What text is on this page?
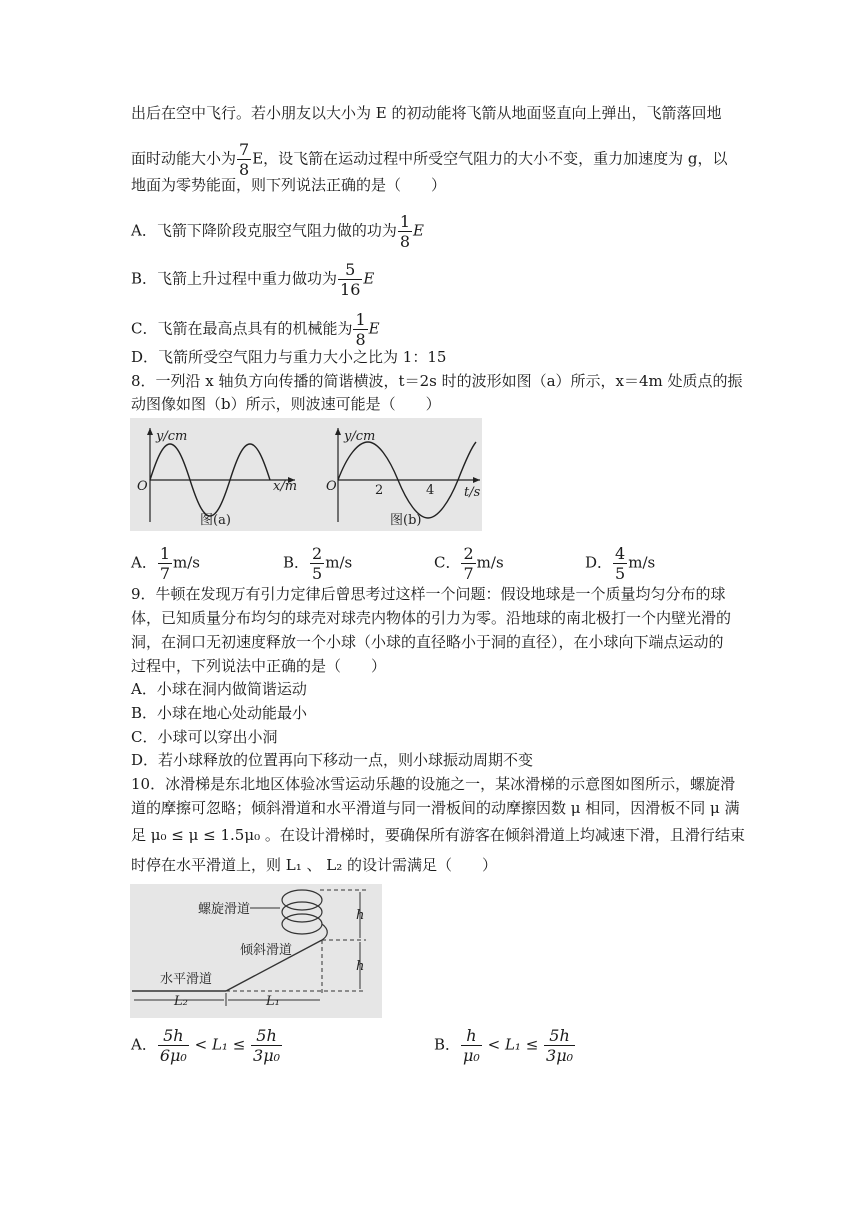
出后在空中飞行。若小朋友以大小为 E 的初动能将飞箭从地面竖直向上弹出，飞箭落回地
面时动能大小为 $\frac{7}{8}$ E，设飞箭在运动过程中所受空气阻力的大小不变，重力加速度为 g，以
地面为零势能面，则下列说法正确的是（　　）
A．飞箭下降阶段克服空气阻力做的功为 $\frac{1}{8}$ E
B．飞箭上升过程中重力做功为 $\frac{5}{16}$ E
C．飞箭在最高点具有的机械能为 $\frac{1}{8}$ E
D．飞箭所受空气阻力与重力大小之比为 1：15
8．一列沿 x 轴负方向传播的简谐横波，t＝2s 时的波形如图（a）所示，x＝4m 处质点的振
动图像如图（b）所示，则波速可能是（　　）
y/cm
x/m
O
图(a)
y/cm
t/s
O	2	4
图(b)
A． $\frac{1}{7} m/s$	B． $\frac{2}{5} m/s$	C． $\frac{2}{7} m/s$	D． $\frac{4}{5} m/s$
9．牛顿在发现万有引力定律后曾思考过这样一个问题：假设地球是一个质量均匀分布的球
体，已知质量分布均匀的球壳对球壳内物体的引力为零。沿地球的南北极打一个内壁光滑的
洞，在洞口无初速度释放一个小球（小球的直径略小于洞的直径），在小球向下端点运动的
过程中，下列说法中正确的是（　　）
A．小球在洞内做简谐运动
B．小球在地心处动能最小
C．小球可以穿出小洞
D．若小球释放的位置再向下移动一点，则小球振动周期不变
10．冰滑梯是东北地区体验冰雪运动乐趣的设施之一，某冰滑梯的示意图如图所示，螺旋滑
道的摩擦可忽略；倾斜滑道和水平滑道与同一滑板间的动摩擦因数 μ 相同，因滑板不同 μ 满
足 μ₀ ≤ μ ≤ 1.5μ₀ 。在设计滑梯时，要确保所有游客在倾斜滑道上均减速下滑，且滑行结束
时停在水平滑道上，则 L₁ 、 L₂ 的设计需满足（　　）
h
h
L₂	L₁
螺旋滑道
倾斜滑道
水平滑道
A． $\frac{5h}{\text{6μ₀}} < L_1 \le \frac{5h}{\text{3μ₀}}$	B． $\frac{h}{\text{μ₀}} < L_1 \le \frac{5h}{\text{3μ₀}}$
